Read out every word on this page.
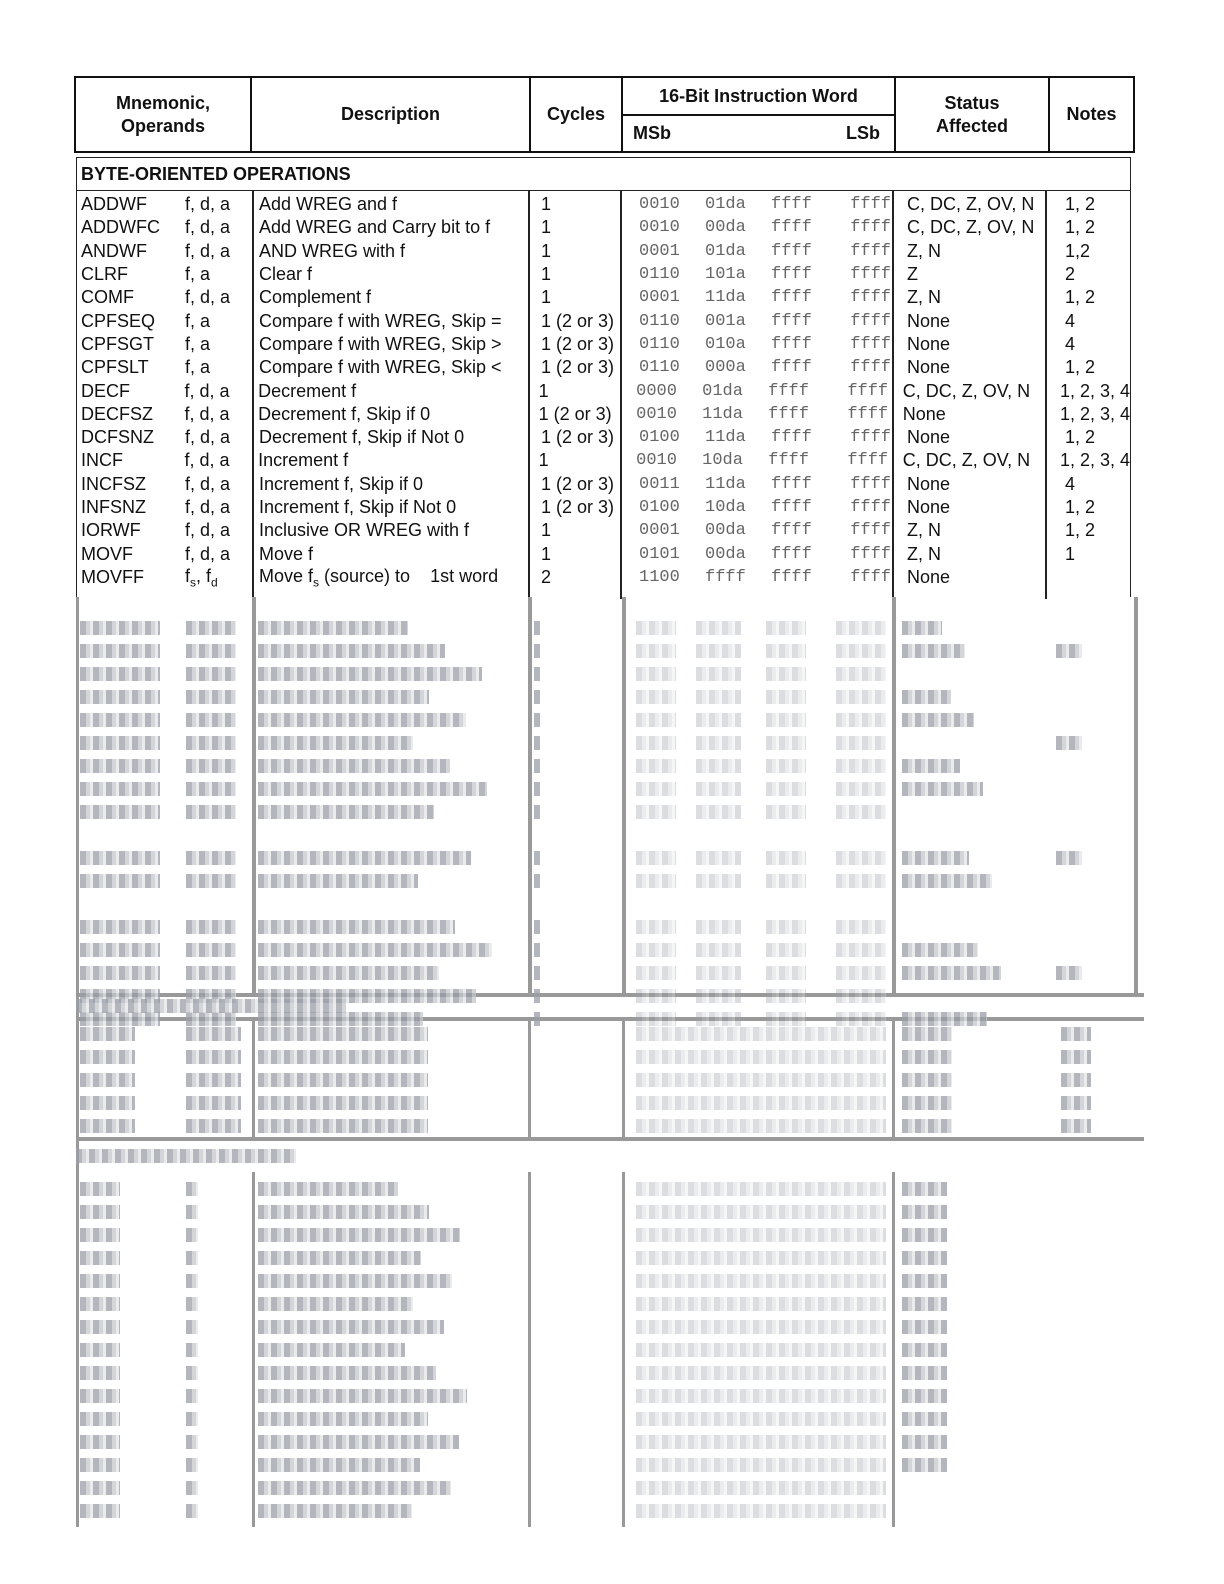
Mnemonic,
Operands
Description	Cycles
16-Bit Instruction Word
MSb	LSb
Status
Affected
Notes
BYTE-ORIENTED OPERATIONS
ADDWF	f, d, a	Add WREG and f	1	0010	01da	ffff	ffff C, DC, Z, OV, N	1, 2
ADDWFC	f, d, a	Add WREG and Carry bit to f	1	0010	00da	ffff	ffff C, DC, Z, OV, N	1, 2
ANDWF	f, d, a	AND WREG with f	1	0001	01da	ffff	ffff Z, N	1,2
CLRF	f, a	Clear f	1	0110	101a	ffff	ffff Z	2
COMF	f, d, a	Complement f	1	0001	11da	ffff	ffff Z, N	1, 2
CPFSEQ	f, a	Compare f with WREG, Skip =	1 (2 or 3)	0110	001a	ffff	ffff None	4
CPFSGT	f, a	Compare f with WREG, Skip >	1 (2 or 3)	0110	010a	ffff	ffff None	4
CPFSLT	f, a	Compare f with WREG, Skip <	1 (2 or 3)	0110	000a	ffff	ffff None	1, 2
DECF	f, d, a	Decrement f	1	0000	01da	ffff	ffff C, DC, Z, OV, N	1, 2, 3, 4
DECFSZ	f, d, a	Decrement f, Skip if 0	1 (2 or 3)	0010	11da	ffff	ffff None	1, 2, 3, 4
DCFSNZ	f, d, a	Decrement f, Skip if Not 0	1 (2 or 3)	0100	11da	ffff	ffff None	1, 2
INCF	f, d, a	Increment f	1	0010	10da	ffff	ffff C, DC, Z, OV, N	1, 2, 3, 4
INCFSZ	f, d, a	Increment f, Skip if 0	1 (2 or 3)	0011	11da	ffff	ffff None	4
INFSNZ	f, d, a	Increment f, Skip if Not 0	1 (2 or 3)	0100	10da	ffff	ffff None	1, 2
IORWF	f, d, a	Inclusive OR WREG with f	1	0001	00da	ffff	ffff Z, N	1, 2
MOVF	f, d, a	Move f	1	0101	00da	ffff	ffff Z, N	1
MOVFF	$f_s$, $f_d$	Move $f_s$ (source) to    1st word	2	1100	ffff	ffff	ffff None
